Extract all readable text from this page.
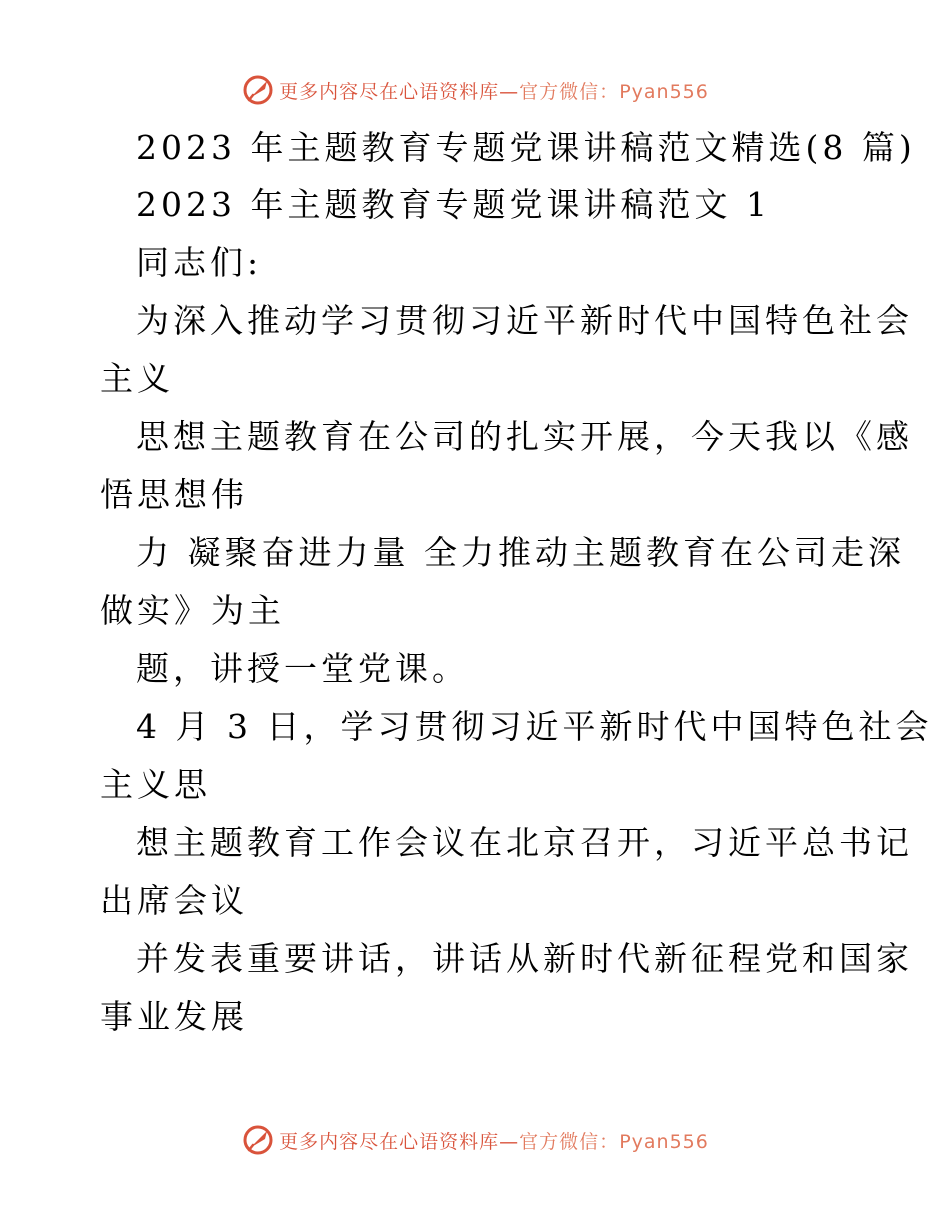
更多内容尽在心语资料库—官方微信：Pyan556
2023 年主题教育专题党课讲稿范文精选(8 篇)
2023 年主题教育专题党课讲稿范文 1
同志们:
为深入推动学习贯彻习近平新时代中国特色社会
主义
思想主题教育在公司的扎实开展，今天我以《感
悟思想伟
力 凝聚奋进力量 全力推动主题教育在公司走深
做实》为主
题，讲授一堂党课。
4 月 3 日，学习贯彻习近平新时代中国特色社会
主义思
想主题教育工作会议在北京召开，习近平总书记
出席会议
并发表重要讲话，讲话从新时代新征程党和国家
事业发展
更多内容尽在心语资料库—官方微信：Pyan556
